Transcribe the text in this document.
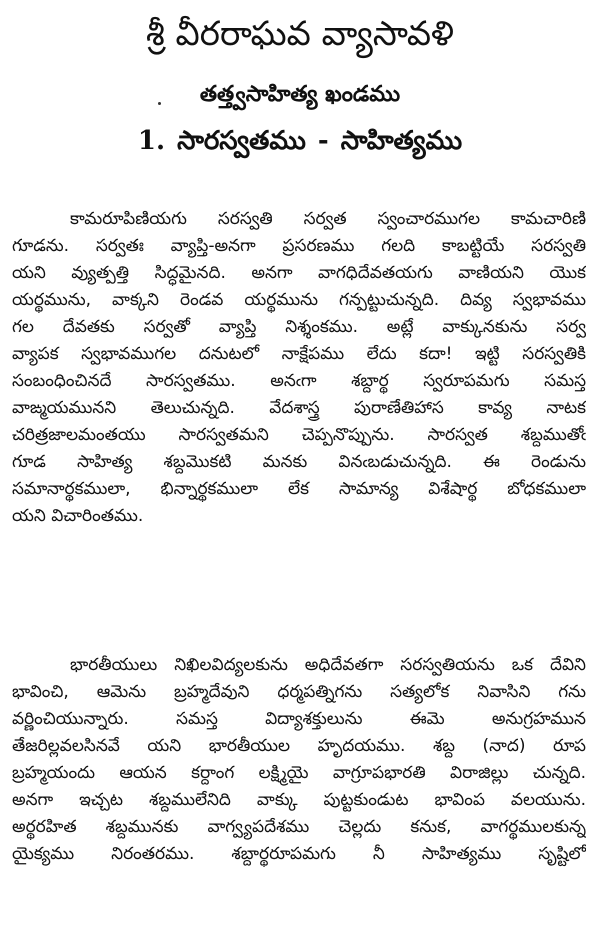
శ్రీ వీరరాఘవ వ్యాసావళి
తత్త్వసాహిత్య ఖండము
1. సారస్వతము - సాహిత్యము
కామరూపిణియగు సరస్వతి సర్వత స్వంచారముగల కామచారిణి
గూడను. సర్వతః వ్యాప్తి-అనగా ప్రసరణము గలది కాబట్టియే సరస్వతి
యని వ్యుత్పత్తి సిద్ధమైనది. అనగా వాగధిదేవతయగు వాణియని యొక
యర్థమును, వాక్కని రెండవ యర్థమును గన్పట్టుచున్నది. దివ్య స్వభావము
గల దేవతకు సర్వతో వ్యాప్తి నిశ్శంకము. అట్లే వాక్కునకును సర్వ
వ్యాపక స్వభావముగల దనుటలో నాక్షేపము లేదు కదా! ఇట్టి సరస్వతికి
సంబంధించినదే సారస్వతము. అనఁగా శబ్దార్థ స్వరూపమగు సమస్త
వాఙ్మయమునని తెలుచున్నది. వేదశాస్త్ర పురాణేతిహాస కావ్య నాటక
చరిత్రజాలమంతయు సారస్వతమని చెప్పనొప్పును. సారస్వత శబ్దముతోఁ
గూడ సాహిత్య శబ్దమొకటి మనకు వినఁబడుచున్నది. ఈ రెండును
సమానార్థకములా, భిన్నార్థకములా లేక సామాన్య విశేషార్థ బోధకములా
యని విచారింతము.
భారతీయులు నిఖిలవిద్యలకును అధిదేవతగా సరస్వతియను ఒక దేవిని
భావించి, ఆమెను బ్రహ్మదేవుని ధర్మపత్నిగను సత్యలోక నివాసిని గను
వర్ణించియున్నారు. సమస్త విద్యాశక్తులును ఈమె అనుగ్రహమున
తేజరిల్లవలసినవే యని భారతీయుల హృదయము. శబ్ద (నాద) రూప
బ్రహ్మయందు ఆయన కర్దాంగ లక్ష్మియై వాగ్రూపభారతి విరాజిల్లు చున్నది.
అనగా ఇచ్చట శబ్దములేనిది వాక్కు పుట్టకుండుట భావింప వలయును.
అర్థరహిత శబ్దమునకు వాగ్వ్యపదేశము చెల్లదు కనుక, వాగర్థములకున్న
యైక్యము నిరంతరము. శబ్దార్థరూపమగు నీ సాహిత్యము సృష్టిలో
